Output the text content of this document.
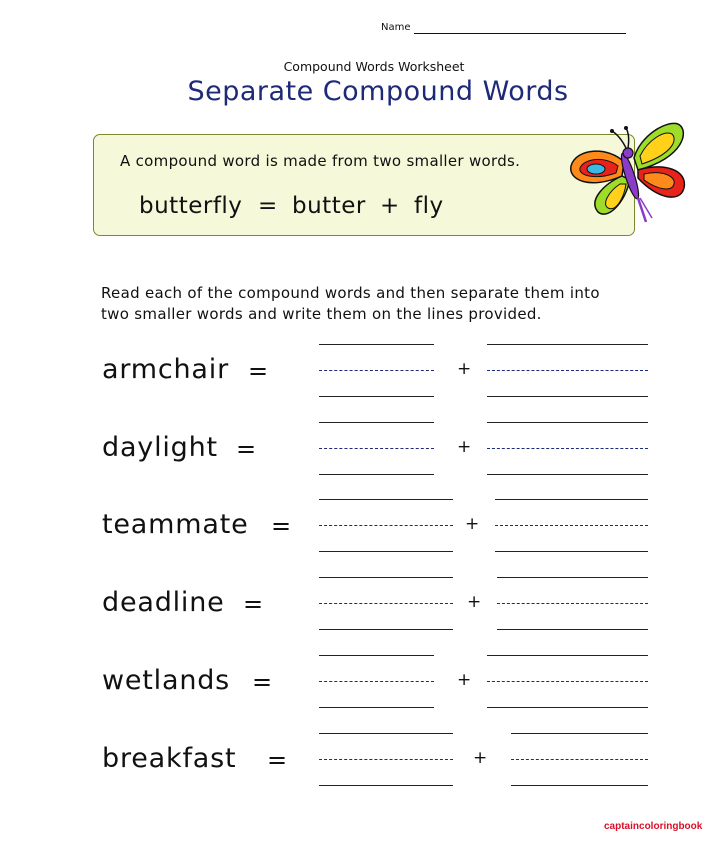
Name
Compound Words Worksheet
Separate Compound Words
A compound word is made from two smaller words.
butterfly = butter + fly
Read each of the compound words and then separate them into
two smaller words and write them on the lines provided.
armchair =	+
daylight =	+
teammate =	+
deadline =	+
wetlands =	+
breakfast =	+
captaincoloringbook
